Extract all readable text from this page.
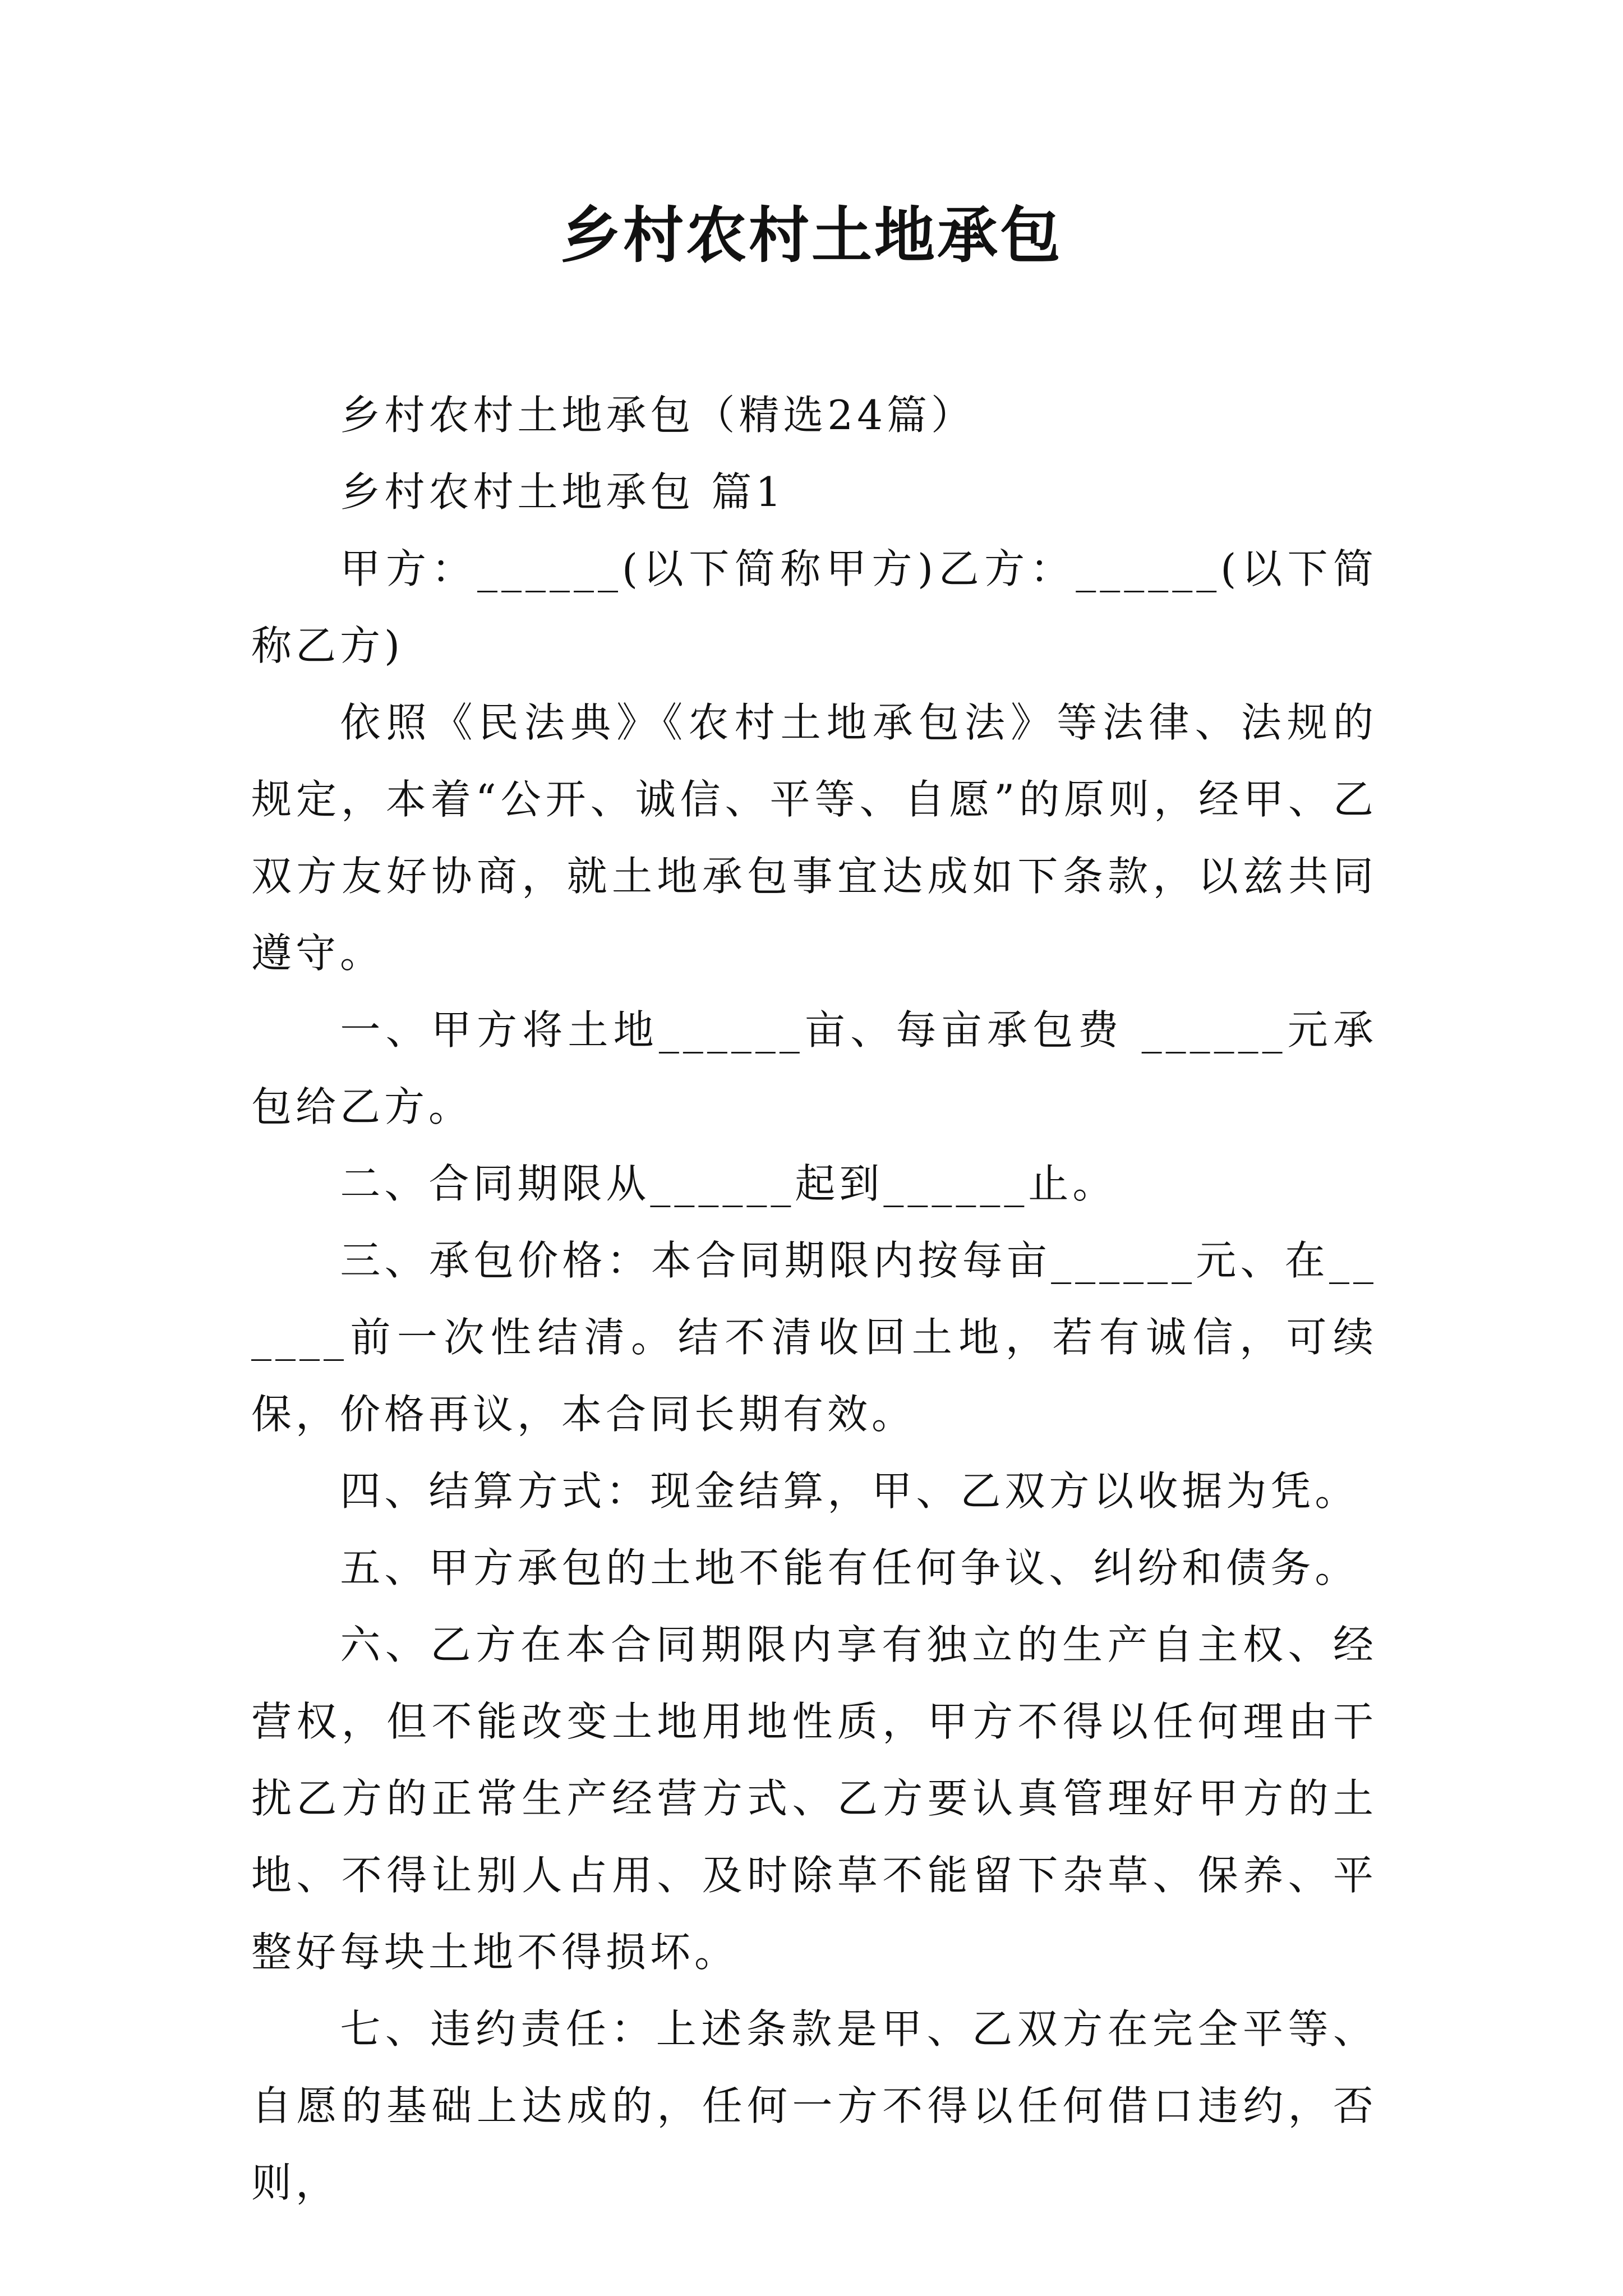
乡村农村土地承包

乡村农村土地承包（精选24篇）

乡村农村土地承包 篇1

甲方：______(以下简称甲方)乙方：______(以下简称乙方)

依照《民法典》《农村土地承包法》等法律、法规的规定，本着“公开、诚信、平等、自愿”的原则，经甲、乙双方友好协商，就土地承包事宜达成如下条款，以兹共同遵守。

一、甲方将土地______亩、每亩承包费 ______元承包给乙方。

二、合同期限从______起到______止。

三、承包价格：本合同期限内按每亩______元、在______前一次性结清。结不清收回土地，若有诚信，可续保，价格再议，本合同长期有效。

四、结算方式：现金结算，甲、乙双方以收据为凭。

五、甲方承包的土地不能有任何争议、纠纷和债务。

六、乙方在本合同期限内享有独立的生产自主权、经营权，但不能改变土地用地性质，甲方不得以任何理由干扰乙方的正常生产经营方式、乙方要认真管理好甲方的土地、不得让别人占用、及时除草不能留下杂草、保养、平整好每块土地不得损坏。

七、违约责任：上述条款是甲、乙双方在完全平等、自愿的基础上达成的，任何一方不得以任何借口违约，否则，
